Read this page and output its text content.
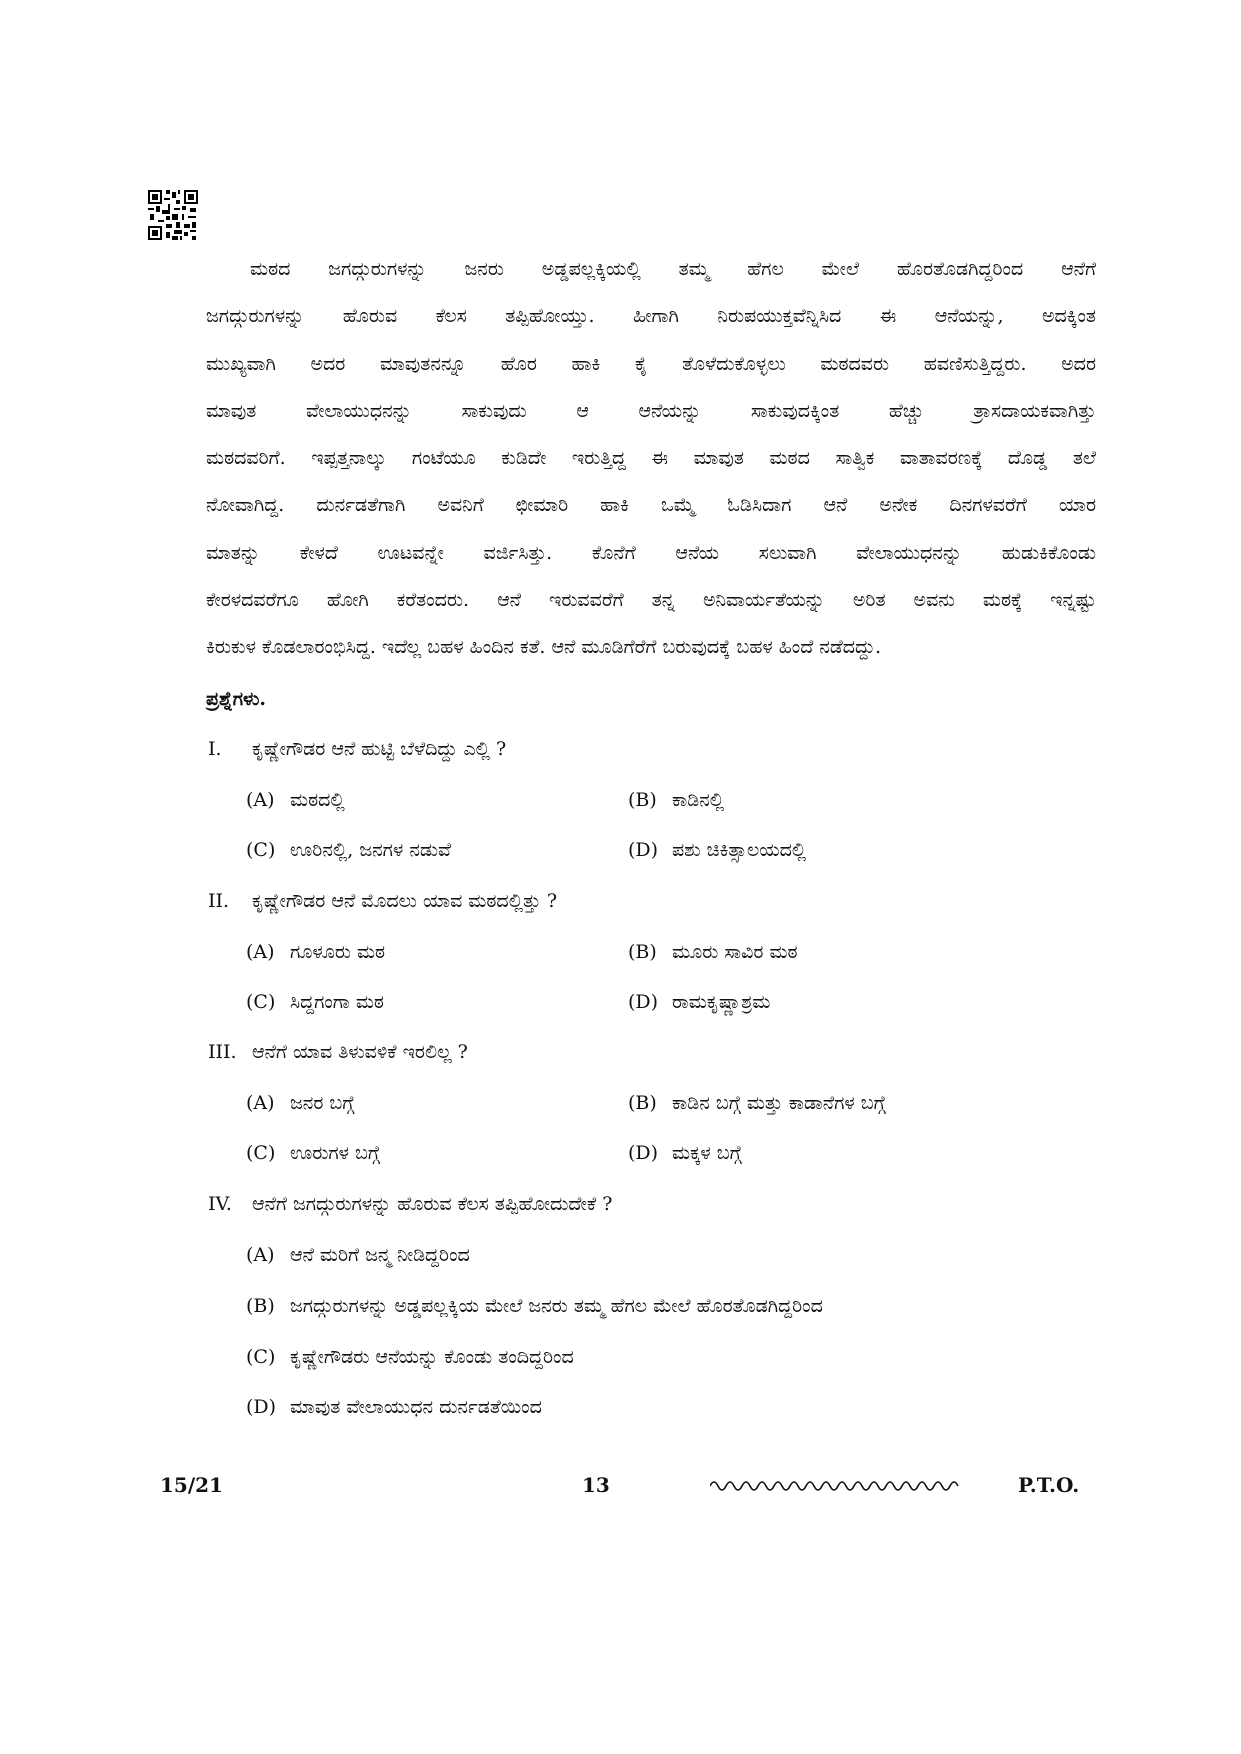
ಮಠದ ಜಗದ್ಗುರುಗಳನ್ನು ಜನರು ಅಡ್ಡಪಲ್ಲಕ್ಕಿಯಲ್ಲಿ ತಮ್ಮ ಹೆಗಲ ಮೇಲೆ ಹೊರತೊಡಗಿದ್ದರಿಂದ ಆನೆಗೆ
ಜಗದ್ಗುರುಗಳನ್ನು ಹೊರುವ ಕೆಲಸ ತಪ್ಪಿಹೋಯ್ತು. ಹೀಗಾಗಿ ನಿರುಪಯುಕ್ತವೆನ್ನಿಸಿದ ಈ ಆನೆಯನ್ನು, ಅದಕ್ಕಿಂತ
ಮುಖ್ಯವಾಗಿ ಅದರ ಮಾವುತನನ್ನೂ ಹೊರ ಹಾಕಿ ಕೈ ತೊಳೆದುಕೊಳ್ಳಲು ಮಠದವರು ಹವಣಿಸುತ್ತಿದ್ದರು. ಅದರ
ಮಾವುತ ವೇಲಾಯುಧನನ್ನು ಸಾಕುವುದು ಆ ಆನೆಯನ್ನು ಸಾಕುವುದಕ್ಕಿಂತ ಹೆಚ್ಚು ತ್ರಾಸದಾಯಕವಾಗಿತ್ತು
ಮಠದವರಿಗೆ. ಇಪ್ಪತ್ತನಾಲ್ಕು ಗಂಟೆಯೂ ಕುಡಿದೇ ಇರುತ್ತಿದ್ದ ಈ ಮಾವುತ ಮಠದ ಸಾತ್ವಿಕ ವಾತಾವರಣಕ್ಕೆ ದೊಡ್ಡ ತಲೆ
ನೋವಾಗಿದ್ದ. ದುರ್ನಡತೆಗಾಗಿ ಅವನಿಗೆ ಛೀಮಾರಿ ಹಾಕಿ ಒಮ್ಮೆ ಓಡಿಸಿದಾಗ ಆನೆ ಅನೇಕ ದಿನಗಳವರೆಗೆ ಯಾರ
ಮಾತನ್ನು ಕೇಳದೆ ಊಟವನ್ನೇ ವರ್ಜಿಸಿತ್ತು. ಕೊನೆಗೆ ಆನೆಯ ಸಲುವಾಗಿ ವೇಲಾಯುಧನನ್ನು ಹುಡುಕಿಕೊಂಡು
ಕೇರಳದವರೆಗೂ ಹೋಗಿ ಕರೆತಂದರು. ಆನೆ ಇರುವವರೆಗೆ ತನ್ನ ಅನಿವಾರ್ಯತೆಯನ್ನು ಅರಿತ ಅವನು ಮಠಕ್ಕೆ ಇನ್ನಷ್ಟು
ಕಿರುಕುಳ ಕೊಡಲಾರಂಭಿಸಿದ್ದ. ಇದೆಲ್ಲ ಬಹಳ ಹಿಂದಿನ ಕತೆ. ಆನೆ ಮೂಡಿಗೆರೆಗೆ ಬರುವುದಕ್ಕೆ ಬಹಳ ಹಿಂದೆ ನಡೆದದ್ದು.
ಪ್ರಶ್ನೆಗಳು.
I. ಕೃಷ್ಣೇಗೌಡರ ಆನೆ ಹುಟ್ಟಿ ಬೆಳೆದಿದ್ದು ಎಲ್ಲಿ ?
(A) ಮಠದಲ್ಲಿ	(B) ಕಾಡಿನಲ್ಲಿ
(C) ಊರಿನಲ್ಲಿ, ಜನಗಳ ನಡುವೆ	(D) ಪಶು ಚಿಕಿತ್ಸಾಲಯದಲ್ಲಿ
II. ಕೃಷ್ಣೇಗೌಡರ ಆನೆ ಮೊದಲು ಯಾವ ಮಠದಲ್ಲಿತ್ತು ?
(A) ಗೂಳೂರು ಮಠ	(B) ಮೂರು ಸಾವಿರ ಮಠ
(C) ಸಿದ್ದಗಂಗಾ ಮಠ	(D) ರಾಮಕೃಷ್ಣಾಶ್ರಮ
III. ಆನೆಗೆ ಯಾವ ತಿಳುವಳಿಕೆ ಇರಲಿಲ್ಲ ?
(A) ಜನರ ಬಗ್ಗೆ	(B) ಕಾಡಿನ ಬಗ್ಗೆ ಮತ್ತು ಕಾಡಾನೆಗಳ ಬಗ್ಗೆ
(C) ಊರುಗಳ ಬಗ್ಗೆ	(D) ಮಕ್ಕಳ ಬಗ್ಗೆ
IV. ಆನೆಗೆ ಜಗದ್ಗುರುಗಳನ್ನು ಹೊರುವ ಕೆಲಸ ತಪ್ಪಿಹೋದುದೇಕೆ ?
(A) ಆನೆ ಮರಿಗೆ ಜನ್ಮ ನೀಡಿದ್ದರಿಂದ
(B) ಜಗದ್ಗುರುಗಳನ್ನು ಅಡ್ಡಪಲ್ಲಕ್ಕಿಯ ಮೇಲೆ ಜನರು ತಮ್ಮ ಹೆಗಲ ಮೇಲೆ ಹೊರತೊಡಗಿದ್ದರಿಂದ
(C) ಕೃಷ್ಣೇಗೌಡರು ಆನೆಯನ್ನು ಕೊಂಡು ತಂದಿದ್ದರಿಂದ
(D) ಮಾವುತ ವೇಲಾಯುಧನ ದುರ್ನಡತೆಯಿಂದ
15/21	13	P.T.O.
